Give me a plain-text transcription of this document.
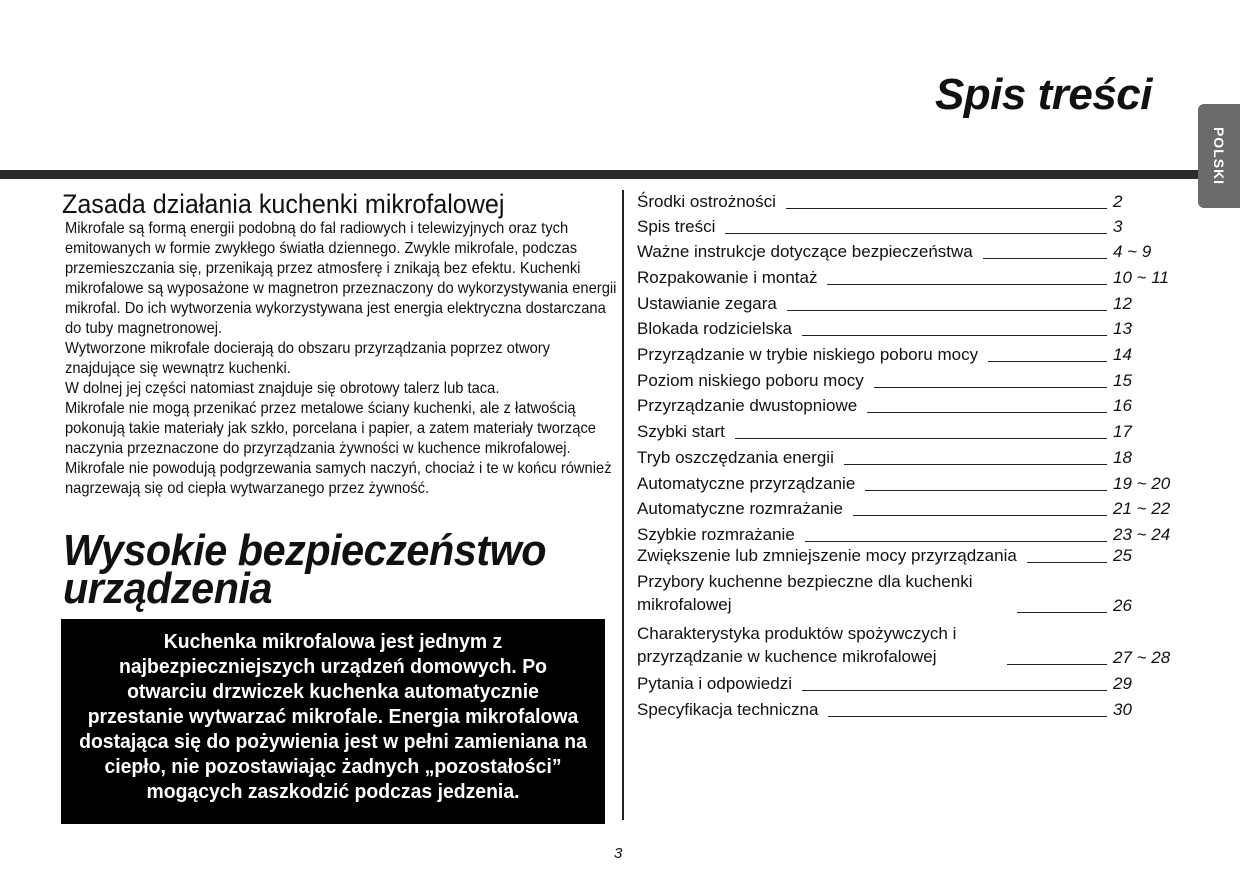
Spis treści
POLSKI
Zasada działania kuchenki mikrofalowej

Mikrofale są formą energii podobną do fal radiowych i telewizyjnych oraz tych emitowanych w formie zwykłego światła dziennego. Zwykle mikrofale, podczas przemieszczania się, przenikają przez atmosferę i znikają bez efektu. Kuchenki mikrofalowe są wyposażone w magnetron przeznaczony do wykorzystywania energii mikrofal. Do ich wytworzenia wykorzystywana jest energia elektryczna dostarczana do tuby magnetronowej.

Wytworzone mikrofale docierają do obszaru przyrządzania poprzez otwory znajdujące się wewnątrz kuchenki.

W dolnej jej części natomiast znajduje się obrotowy talerz lub taca.

Mikrofale nie mogą przenikać przez metalowe ściany kuchenki, ale z łatwością pokonują takie materiały jak szkło, porcelana i papier, a zatem materiały tworzące naczynia przeznaczone do przyrządzania żywności w kuchence mikrofalowej.

Mikrofale nie powodują podgrzewania samych naczyń, chociaż i te w końcu również nagrzewają się od ciepła wytwarzanego przez żywność.

Wysokie bezpieczeństwo
urządzenia
Kuchenka mikrofalowa jest jednym z najbezpieczniejszych urządzeń domowych. Po otwarciu drzwiczek kuchenka automatycznie przestanie wytwarzać mikrofale. Energia mikrofalowa dostająca się do pożywienia jest w pełni zamieniana na ciepło, nie pozostawiając żadnych „pozostałości” mogących zaszkodzić podczas jedzenia.
Środki ostrożności	2
Spis treści	3
Ważne instrukcje dotyczące bezpieczeństwa	4 ~ 9
Rozpakowanie i montaż	10 ~ 11
Ustawianie zegara	12
Blokada rodzicielska	13
Przyrządzanie w trybie niskiego poboru mocy	14
Poziom niskiego poboru mocy	15
Przyrządzanie dwustopniowe	16
Szybki start	17
Tryb oszczędzania energii	18
Automatyczne przyrządzanie	19 ~ 20
Automatyczne rozmrażanie	21 ~ 22
Szybkie rozmrażanie	23 ~ 24
Zwiększenie lub zmniejszenie mocy przyrządzania	25
Przybory kuchenne bezpieczne dla kuchenki mikrofalowej	26
Charakterystyka produktów spożywczych i przyrządzanie w kuchence mikrofalowej	27 ~ 28
Pytania i odpowiedzi	29
Specyfikacja techniczna	30

3
